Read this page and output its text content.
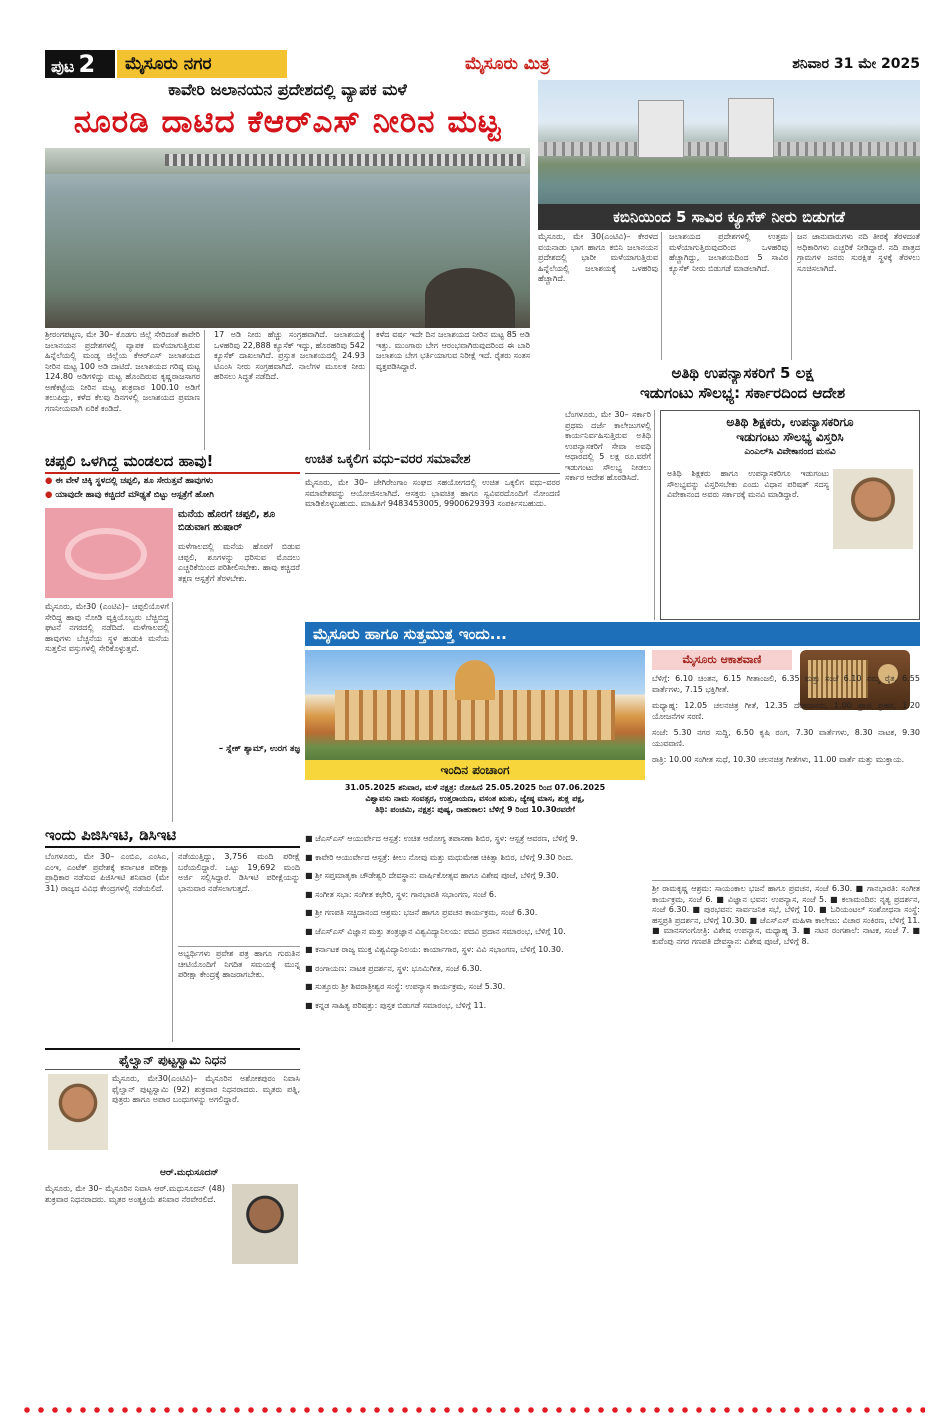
ಪುಟ 2	ಮೈಸೂರು ನಗರ	ಮೈಸೂರು ಮಿತ್ರ	ಶನಿವಾರ 31 ಮೇ 2025
ಕಾವೇರಿ ಜಲಾನಯನ ಪ್ರದೇಶದಲ್ಲಿ ವ್ಯಾಪಕ ಮಳೆ
ನೂರಡಿ ದಾಟಿದ ಕೆಆರ್‌ಎಸ್ ನೀರಿನ ಮಟ್ಟ
ಶ್ರೀರಂಗಪಟ್ಟಣ, ಮೇ 30– ಕೊಡಗು ಜಿಲ್ಲೆ ಸೇರಿದಂತೆ ಕಾವೇರಿ ಜಲಾನಯನ ಪ್ರದೇಶಗಳಲ್ಲಿ ವ್ಯಾಪಕ ಮಳೆಯಾಗುತ್ತಿರುವ ಹಿನ್ನೆಲೆಯಲ್ಲಿ ಮಂಡ್ಯ ಜಿಲ್ಲೆಯ ಕೆಆರ್‌ಎಸ್ ಜಲಾಶಯದ ನೀರಿನ ಮಟ್ಟ 100 ಅಡಿ ದಾಟಿದೆ. ಜಲಾಶಯದ ಗರಿಷ್ಠ ಮಟ್ಟ 124.80 ಅಡಿಗಳಿದ್ದು ಮಟ್ಟ ಹೊಂದಿರುವ ಕೃಷ್ಣರಾಜಸಾಗರ ಅಣೆಕಟ್ಟೆಯ ನೀರಿನ ಮಟ್ಟ ಶುಕ್ರವಾರ 100.10 ಅಡಿಗೆ ತಲುಪಿದ್ದು, ಕಳೆದ ಕೆಲವು ದಿನಗಳಲ್ಲಿ ಜಲಾಶಯದ ಪ್ರಮಾಣ ಗಣನೀಯವಾಗಿ ಏರಿಕೆ ಕಂಡಿದೆ.
17 ಅಡಿ ನೀರು ಹೆಚ್ಚು ಸಂಗ್ರಹವಾಗಿದೆ. ಜಲಾಶಯಕ್ಕೆ ಒಳಹರಿವು 22,888 ಕ್ಯೂಸೆಕ್ ಇದ್ದು, ಹೊರಹರಿವು 542 ಕ್ಯೂಸೆಕ್ ದಾಖಲಾಗಿದೆ. ಪ್ರಸ್ತುತ ಜಲಾಶಯದಲ್ಲಿ 24.93 ಟಿಎಂಸಿ ನೀರು ಸಂಗ್ರಹವಾಗಿದೆ. ನಾಲೆಗಳ ಮೂಲಕ ನೀರು ಹರಿಸಲು ಸಿದ್ಧತೆ ನಡೆದಿದೆ.
ಕಳೆದ ವರ್ಷ ಇದೇ ದಿನ ಜಲಾಶಯದ ನೀರಿನ ಮಟ್ಟ 85 ಅಡಿ ಇತ್ತು. ಮುಂಗಾರು ಬೇಗ ಆರಂಭವಾಗಿರುವುದರಿಂದ ಈ ಬಾರಿ ಜಲಾಶಯ ಬೇಗ ಭರ್ತಿಯಾಗುವ ನಿರೀಕ್ಷೆ ಇದೆ. ರೈತರು ಸಂತಸ ವ್ಯಕ್ತಪಡಿಸಿದ್ದಾರೆ.
ಕಬಿನಿಯಿಂದ 5 ಸಾವಿರ ಕ್ಯೂಸೆಕ್ ನೀರು ಬಿಡುಗಡೆ
ಮೈಸೂರು, ಮೇ 30(ಎಂಟಿವಿ)– ಕೇರಳದ ವಯನಾಡು ಭಾಗ ಹಾಗೂ ಕಬಿನಿ ಜಲಾನಯನ ಪ್ರದೇಶದಲ್ಲಿ ಭಾರೀ ಮಳೆಯಾಗುತ್ತಿರುವ ಹಿನ್ನೆಲೆಯಲ್ಲಿ ಜಲಾಶಯಕ್ಕೆ ಒಳಹರಿವು ಹೆಚ್ಚಾಗಿದೆ.
ಜಲಾಶಯದ ಪ್ರದೇಶಗಳಲ್ಲಿ ಉತ್ತಮ ಮಳೆಯಾಗುತ್ತಿರುವುದರಿಂದ ಒಳಹರಿವು ಹೆಚ್ಚಾಗಿದ್ದು, ಜಲಾಶಯದಿಂದ 5 ಸಾವಿರ ಕ್ಯೂಸೆಕ್ ನೀರು ಬಿಡುಗಡೆ ಮಾಡಲಾಗಿದೆ.
ಜನ ಜಾನುವಾರುಗಳು ನದಿ ತೀರಕ್ಕೆ ತೆರಳದಂತೆ ಅಧಿಕಾರಿಗಳು ಎಚ್ಚರಿಕೆ ನೀಡಿದ್ದಾರೆ. ನದಿ ಪಾತ್ರದ ಗ್ರಾಮಗಳ ಜನರು ಸುರಕ್ಷಿತ ಸ್ಥಳಕ್ಕೆ ತೆರಳಲು ಸೂಚಿಸಲಾಗಿದೆ.
ಅತಿಥಿ ಉಪನ್ಯಾಸಕರಿಗೆ 5 ಲಕ್ಷ
ಇಡುಗಂಟು ಸೌಲಭ್ಯ: ಸರ್ಕಾರದಿಂದ ಆದೇಶ
ಬೆಂಗಳೂರು, ಮೇ 30– ಸರ್ಕಾರಿ ಪ್ರಥಮ ದರ್ಜೆ ಕಾಲೇಜುಗಳಲ್ಲಿ ಕಾರ್ಯನಿರ್ವಹಿಸುತ್ತಿರುವ ಅತಿಥಿ ಉಪನ್ಯಾಸಕರಿಗೆ ಸೇವಾ ಅವಧಿ ಆಧಾರದಲ್ಲಿ 5 ಲಕ್ಷ ರೂ.ವರೆಗೆ ಇಡುಗಂಟು ಸೌಲಭ್ಯ ನೀಡಲು ಸರ್ಕಾರ ಆದೇಶ ಹೊರಡಿಸಿದೆ.
ಅತಿಥಿ ಶಿಕ್ಷಕರು, ಉಪನ್ಯಾಸಕರಿಗೂ
ಇಡುಗಂಟು ಸೌಲಭ್ಯ ವಿಸ್ತರಿಸಿ
ಎಂಎಲ್‌ಸಿ ವಿವೇಕಾನಂದ ಮನವಿ
ಅತಿಥಿ ಶಿಕ್ಷಕರು ಹಾಗೂ ಉಪನ್ಯಾಸಕರಿಗೂ ಇಡುಗಂಟು ಸೌಲಭ್ಯವನ್ನು ವಿಸ್ತರಿಸಬೇಕು ಎಂದು ವಿಧಾನ ಪರಿಷತ್ ಸದಸ್ಯ ವಿವೇಕಾನಂದ ಅವರು ಸರ್ಕಾರಕ್ಕೆ ಮನವಿ ಮಾಡಿದ್ದಾರೆ.
ಚಪ್ಪಲಿ ಒಳಗಿದ್ದ ಮಂಡಲದ ಹಾವು!
● ಈ ವೇಳೆ ಚಿಕ್ಕಿ ಸ್ಥಳದಲ್ಲಿ ಚಪ್ಪಲಿ, ಶೂ ಸೇರುತ್ತವೆ ಹಾವುಗಳು
● ಯಾವುದೇ ಹಾವು ಕಚ್ಚಿದರೆ ಮೌಢ್ಯತೆ ಬಿಟ್ಟು ಆಸ್ಪತ್ರೆಗೆ ಹೋಗಿ
ಮನೆಯ ಹೊರಗೆ ಚಪ್ಪಲಿ, ಶೂ ಬಿಡುವಾಗ ಹುಷಾರ್
ಮೈಸೂರು, ಮೇ30 (ಎಂಟಿವಿ)– ಚಪ್ಪಲಿಯೊಳಗೆ ಸೇರಿದ್ದ ಹಾವು ನೋಡಿ ವ್ಯಕ್ತಿಯೊಬ್ಬರು ಬೆಚ್ಚಿಬಿದ್ದ ಘಟನೆ ನಗರದಲ್ಲಿ ನಡೆದಿದೆ. ಮಳೆಗಾಲದಲ್ಲಿ ಹಾವುಗಳು ಬೆಚ್ಚನೆಯ ಸ್ಥಳ ಹುಡುಕಿ ಮನೆಯ ಸುತ್ತಲಿನ ವಸ್ತುಗಳಲ್ಲಿ ಸೇರಿಕೊಳ್ಳುತ್ತವೆ.
ಮಳೆಗಾಲದಲ್ಲಿ ಮನೆಯ ಹೊರಗೆ ಬಿಡುವ ಚಪ್ಪಲಿ, ಶೂಗಳನ್ನು ಧರಿಸುವ ಮೊದಲು ಎಚ್ಚರಿಕೆಯಿಂದ ಪರಿಶೀಲಿಸಬೇಕು. ಹಾವು ಕಚ್ಚಿದರೆ ತಕ್ಷಣ ಆಸ್ಪತ್ರೆಗೆ ತೆರಳಬೇಕು.
– ಸ್ನೇಕ್ ಶ್ಯಾಮ್, ಉರಗ ತಜ್ಞ
ಉಚಿತ ಒಕ್ಕಲಿಗ ವಧು–ವರರ ಸಮಾವೇಶ
ಮೈಸೂರು, ಮೇ 30– ಜೇಗಿರೇಂಗಾಂ ಸಂಘದ ಸಹಯೋಗದಲ್ಲಿ ಉಚಿತ ಒಕ್ಕಲಿಗ ವಧು–ವರರ ಸಮಾವೇಶವನ್ನು ಆಯೋಜಿಸಲಾಗಿದೆ. ಆಸಕ್ತರು ಭಾವಚಿತ್ರ ಹಾಗೂ ಸ್ವವಿವರದೊಂದಿಗೆ ನೋಂದಣಿ ಮಾಡಿಕೊಳ್ಳಬಹುದು. ಮಾಹಿತಿಗೆ 9483453005, 9900629393 ಸಂಪರ್ಕಿಸಬಹುದು.
ಇಂದು ಪಿಜಿಸಿಇಟಿ, ಡಿಸಿಇಟಿ
ಬೆಂಗಳೂರು, ಮೇ 30– ಎಂಬಿಎ, ಎಂಸಿಎ, ಎಂಇ, ಎಂಟೆಕ್ ಪ್ರವೇಶಕ್ಕೆ ಕರ್ನಾಟಕ ಪರೀಕ್ಷಾ ಪ್ರಾಧಿಕಾರ ನಡೆಸುವ ಪಿಜಿಸಿಇಟಿ ಶನಿವಾರ (ಮೇ 31) ರಾಜ್ಯದ ವಿವಿಧ ಕೇಂದ್ರಗಳಲ್ಲಿ ನಡೆಯಲಿದೆ.
ನಡೆಯುತ್ತಿದ್ದು, 3,756 ಮಂದಿ ಪರೀಕ್ಷೆ ಬರೆಯಲಿದ್ದಾರೆ. ಒಟ್ಟು 19,692 ಮಂದಿ ಅರ್ಜಿ ಸಲ್ಲಿಸಿದ್ದಾರೆ. ಡಿಸಿಇಟಿ ಪರೀಕ್ಷೆಯನ್ನು ಭಾನುವಾರ ನಡೆಸಲಾಗುತ್ತದೆ.
ಅಭ್ಯರ್ಥಿಗಳು ಪ್ರವೇಶ ಪತ್ರ ಹಾಗೂ ಗುರುತಿನ ಚೀಟಿಯೊಂದಿಗೆ ನಿಗದಿತ ಸಮಯಕ್ಕೆ ಮುನ್ನ ಪರೀಕ್ಷಾ ಕೇಂದ್ರಕ್ಕೆ ಹಾಜರಾಗಬೇಕು.
ಫೈಲ್ವಾನ್ ಪುಟ್ಟಸ್ವಾಮಿ ನಿಧನ
ಮೈಸೂರು, ಮೇ30(ಎಂಟಿವಿ)– ಮೈಸೂರಿನ ಅಶೋಕಪುರಂ ನಿವಾಸಿ ಫೈಲ್ವಾನ್ ಪುಟ್ಟಸ್ವಾಮಿ (92) ಶುಕ್ರವಾರ ನಿಧನರಾದರು. ಮೃತರು ಪತ್ನಿ, ಪುತ್ರರು ಹಾಗೂ ಅಪಾರ ಬಂಧುಗಳನ್ನು ಅಗಲಿದ್ದಾರೆ.
ಆರ್.ಮಧುಸೂದನ್
ಮೈಸೂರು, ಮೇ 30– ಮೈಸೂರಿನ ನಿವಾಸಿ ಆರ್.ಮಧುಸೂದನ್ (48) ಶುಕ್ರವಾರ ನಿಧನರಾದರು. ಮೃತರ ಅಂತ್ಯಕ್ರಿಯೆ ಶನಿವಾರ ನೆರವೇರಲಿದೆ.
ಮೈಸೂರು ಹಾಗೂ ಸುತ್ತಮುತ್ತ ಇಂದು...
ಇಂದಿನ ಪಂಚಾಂಗ
31.05.2025 ಶನಿವಾರ, ಮಳೆ ನಕ್ಷತ್ರ: ರೋಹಿಣಿ 25.05.2025 ರಿಂದ 07.06.2025
ವಿಶ್ವಾವಸು ನಾಮ ಸಂವತ್ಸರ, ಉತ್ತರಾಯಣ, ವಸಂತ ಋತು, ಜ್ಯೇಷ್ಠ ಮಾಸ, ಶುಕ್ಲ ಪಕ್ಷ,
ತಿಥಿ: ಪಂಚಮಿ, ನಕ್ಷತ್ರ: ಪುಷ್ಯ, ರಾಹುಕಾಲ: ಬೆಳಿಗ್ಗೆ 9 ರಿಂದ 10.30ರವರೆಗೆ
■ ಜೆಎಸ್‌ಎಸ್ ಆಯುರ್ವೇದ ಆಸ್ಪತ್ರೆ: ಉಚಿತ ಆರೋಗ್ಯ ತಪಾಸಣಾ ಶಿಬಿರ, ಸ್ಥಳ: ಆಸ್ಪತ್ರೆ ಆವರಣ, ಬೆಳಿಗ್ಗೆ 9.
■ ಕಾವೇರಿ ಆಯುರ್ವೇದ ಆಸ್ಪತ್ರೆ: ಕೀಲು ನೋವು ಮತ್ತು ಮಧುಮೇಹ ಚಿಕಿತ್ಸಾ ಶಿಬಿರ, ಬೆಳಿಗ್ಗೆ 9.30 ರಿಂದ.
■ ಶ್ರೀ ಸಪ್ತಮಾತೃಕಾ ಚೌಡೇಶ್ವರಿ ದೇವಸ್ಥಾನ: ವಾರ್ಷಿಕೋತ್ಸವ ಹಾಗೂ ವಿಶೇಷ ಪೂಜೆ, ಬೆಳಿಗ್ಗೆ 9.30.
■ ಸಂಗೀತ ಸಭಾ: ಸಂಗೀತ ಕಛೇರಿ, ಸ್ಥಳ: ಗಾನಭಾರತಿ ಸಭಾಂಗಣ, ಸಂಜೆ 6.
■ ಶ್ರೀ ಗಣಪತಿ ಸಚ್ಚಿದಾನಂದ ಆಶ್ರಮ: ಭಜನೆ ಹಾಗೂ ಪ್ರವಚನ ಕಾರ್ಯಕ್ರಮ, ಸಂಜೆ 6.30.
■ ಜೆಎಸ್‌ಎಸ್ ವಿಜ್ಞಾನ ಮತ್ತು ತಂತ್ರಜ್ಞಾನ ವಿಶ್ವವಿದ್ಯಾನಿಲಯ: ಪದವಿ ಪ್ರದಾನ ಸಮಾರಂಭ, ಬೆಳಿಗ್ಗೆ 10.
■ ಕರ್ನಾಟಕ ರಾಜ್ಯ ಮುಕ್ತ ವಿಶ್ವವಿದ್ಯಾನಿಲಯ: ಕಾರ್ಯಾಗಾರ, ಸ್ಥಳ: ವಿವಿ ಸಭಾಂಗಣ, ಬೆಳಿಗ್ಗೆ 10.30.
■ ರಂಗಾಯಣ: ನಾಟಕ ಪ್ರದರ್ಶನ, ಸ್ಥಳ: ಭೂಮಿಗೀತ, ಸಂಜೆ 6.30.
■ ಸುತ್ತೂರು ಶ್ರೀ ಶಿವರಾತ್ರೀಶ್ವರ ಸಂಸ್ಥೆ: ಉಪನ್ಯಾಸ ಕಾರ್ಯಕ್ರಮ, ಸಂಜೆ 5.30.
■ ಕನ್ನಡ ಸಾಹಿತ್ಯ ಪರಿಷತ್ತು: ಪುಸ್ತಕ ಬಿಡುಗಡೆ ಸಮಾರಂಭ, ಬೆಳಿಗ್ಗೆ 11.
ಮೈಸೂರು ಆಕಾಶವಾಣಿ
ಬೆಳಿಗ್ಗೆ: 6.10 ಚಿಂತನ, 6.15 ಗೀತಾಂಜಲಿ, 6.35 ಮತ್ತು ಸಂಜೆ 6.10 ನಮ್ಮ ರೈತ, 6.55 ವಾರ್ತೆಗಳು, 7.15 ಭಕ್ತಿಗೀತೆ.
ಮಧ್ಯಾಹ್ನ: 12.05 ಚಲನಚಿತ್ರ ಗೀತೆ, 12.35 ದೇಶದಾಸರು, 1.00 ಪ್ರಾಚಿ ಪ್ರಹರ, 1.20 ಯೋಜನೆಗಳ ಸರಣಿ.
ಸಂಜೆ: 5.30 ನಗರ ಸುದ್ದಿ, 6.50 ಕೃಷಿ ರಂಗ, 7.30 ವಾರ್ತೆಗಳು, 8.30 ನಾಟಕ, 9.30 ಯುವವಾಣಿ.
ರಾತ್ರಿ: 10.00 ಸಂಗೀತ ಸುಧೆ, 10.30 ಚಲನಚಿತ್ರ ಗೀತೆಗಳು, 11.00 ವಾರ್ತೆ ಮತ್ತು ಮುಕ್ತಾಯ.
ಶ್ರೀ ರಾಮಕೃಷ್ಣ ಆಶ್ರಮ: ಸಾಯಂಕಾಲ ಭಜನೆ ಹಾಗೂ ಪ್ರವಚನ, ಸಂಜೆ 6.30. ■ ಗಾನಭಾರತಿ: ಸಂಗೀತ ಕಾರ್ಯಕ್ರಮ, ಸಂಜೆ 6. ■ ವಿಜ್ಞಾನ ಭವನ: ಉಪನ್ಯಾಸ, ಸಂಜೆ 5. ■ ಕಲಾಮಂದಿರ: ನೃತ್ಯ ಪ್ರದರ್ಶನ, ಸಂಜೆ 6.30. ■ ಪುರಭವನ: ಸಾರ್ವಜನಿಕ ಸಭೆ, ಬೆಳಿಗ್ಗೆ 10. ■ ಓರಿಯಂಟಲ್ ಸಂಶೋಧನಾ ಸಂಸ್ಥೆ: ಹಸ್ತಪ್ರತಿ ಪ್ರದರ್ಶನ, ಬೆಳಿಗ್ಗೆ 10.30. ■ ಜೆಎಸ್‌ಎಸ್ ಮಹಿಳಾ ಕಾಲೇಜು: ವಿಚಾರ ಸಂಕಿರಣ, ಬೆಳಿಗ್ಗೆ 11. ■ ಮಾನಸಗಂಗೋತ್ರಿ: ವಿಶೇಷ ಉಪನ್ಯಾಸ, ಮಧ್ಯಾಹ್ನ 3. ■ ನಟನ ರಂಗಶಾಲೆ: ನಾಟಕ, ಸಂಜೆ 7. ■ ಕುವೆಂಪು ನಗರ ಗಣಪತಿ ದೇವಸ್ಥಾನ: ವಿಶೇಷ ಪೂಜೆ, ಬೆಳಿಗ್ಗೆ 8.
